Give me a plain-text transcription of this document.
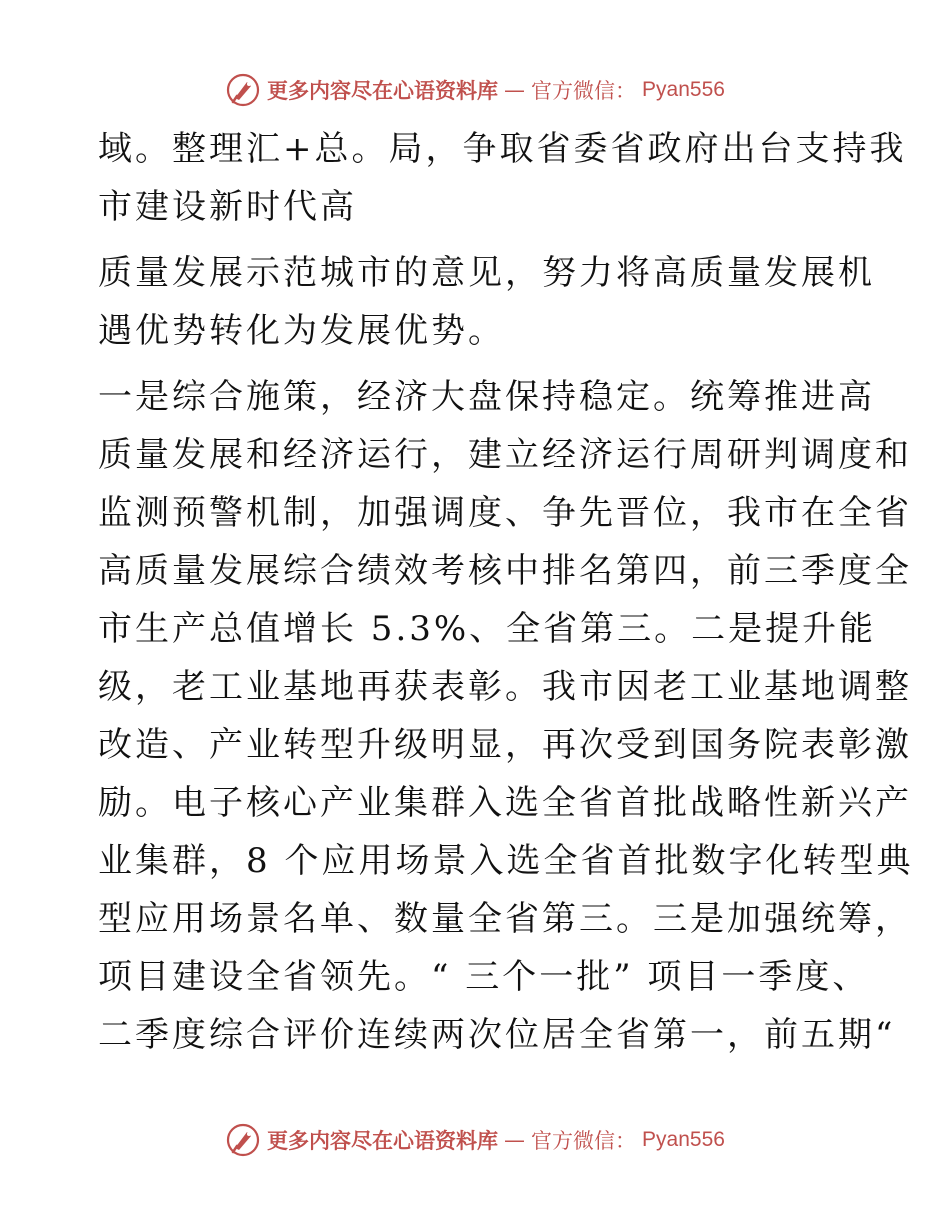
更多内容尽在心语资料库 — 官方微信： Pyan556

域。整理汇+总。局，争取省委省政府出台支持我
市建设新时代高

质量发展示范城市的意见，努力将高质量发展机
遇优势转化为发展优势。

一是综合施策，经济大盘保持稳定。统筹推进高
质量发展和经济运行，建立经济运行周研判调度和
监测预警机制，加强调度、争先晋位，我市在全省
高质量发展综合绩效考核中排名第四，前三季度全
市生产总值增长 5.3%、全省第三。二是提升能
级，老工业基地再获表彰。我市因老工业基地调整
改造、产业转型升级明显，再次受到国务院表彰激
励。电子核心产业集群入选全省首批战略性新兴产
业集群，8 个应用场景入选全省首批数字化转型典
型应用场景名单、数量全省第三。三是加强统筹，
项目建设全省领先。“ 三个一批” 项目一季度、
二季度综合评价连续两次位居全省第一，前五期“

更多内容尽在心语资料库 — 官方微信： Pyan556
